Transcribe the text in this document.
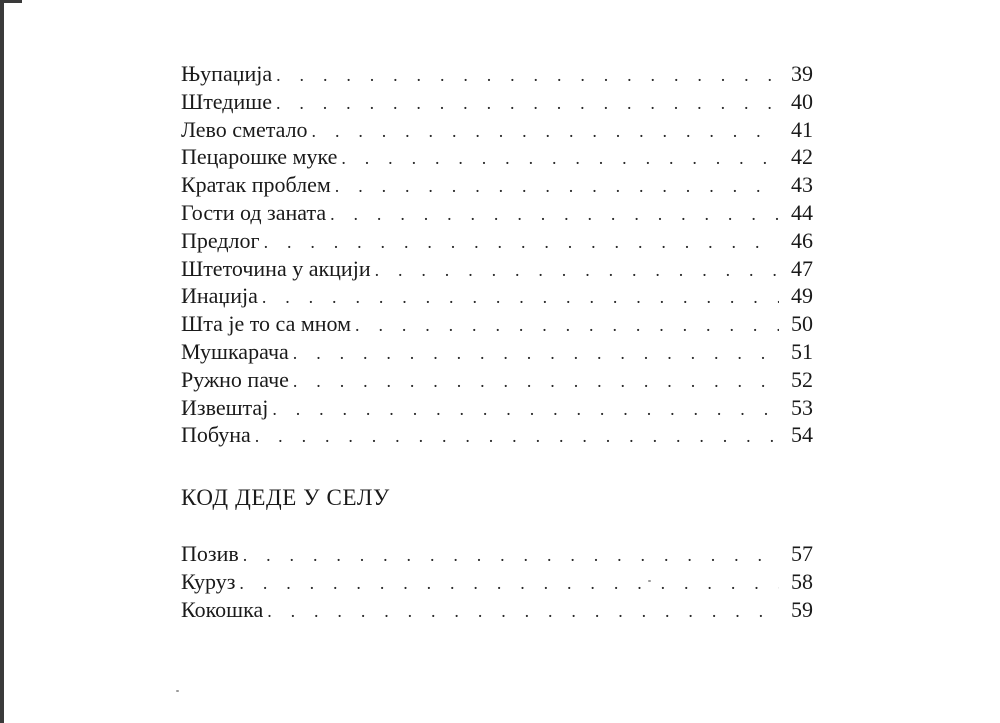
Њупаџија . . .	39
Штедише . . .	40
Лево сметало . . .	41
Пецарошке муке . . .	42
Кратак проблем . . .	43
Гости од заната . . .	44
Предлог . . .	46
Штеточина у акцији . . .	47
Инаџија . . .	49
Шта је то са мном . . .	50
Мушкарача . . .	51
Ружно паче . . .	52
Извештај . . .	53
Побуна . . .	54
КОД ДЕДЕ У СЕЛУ
Позив . . .	57
Куруз . . .	58
Кокошка . . .	59
